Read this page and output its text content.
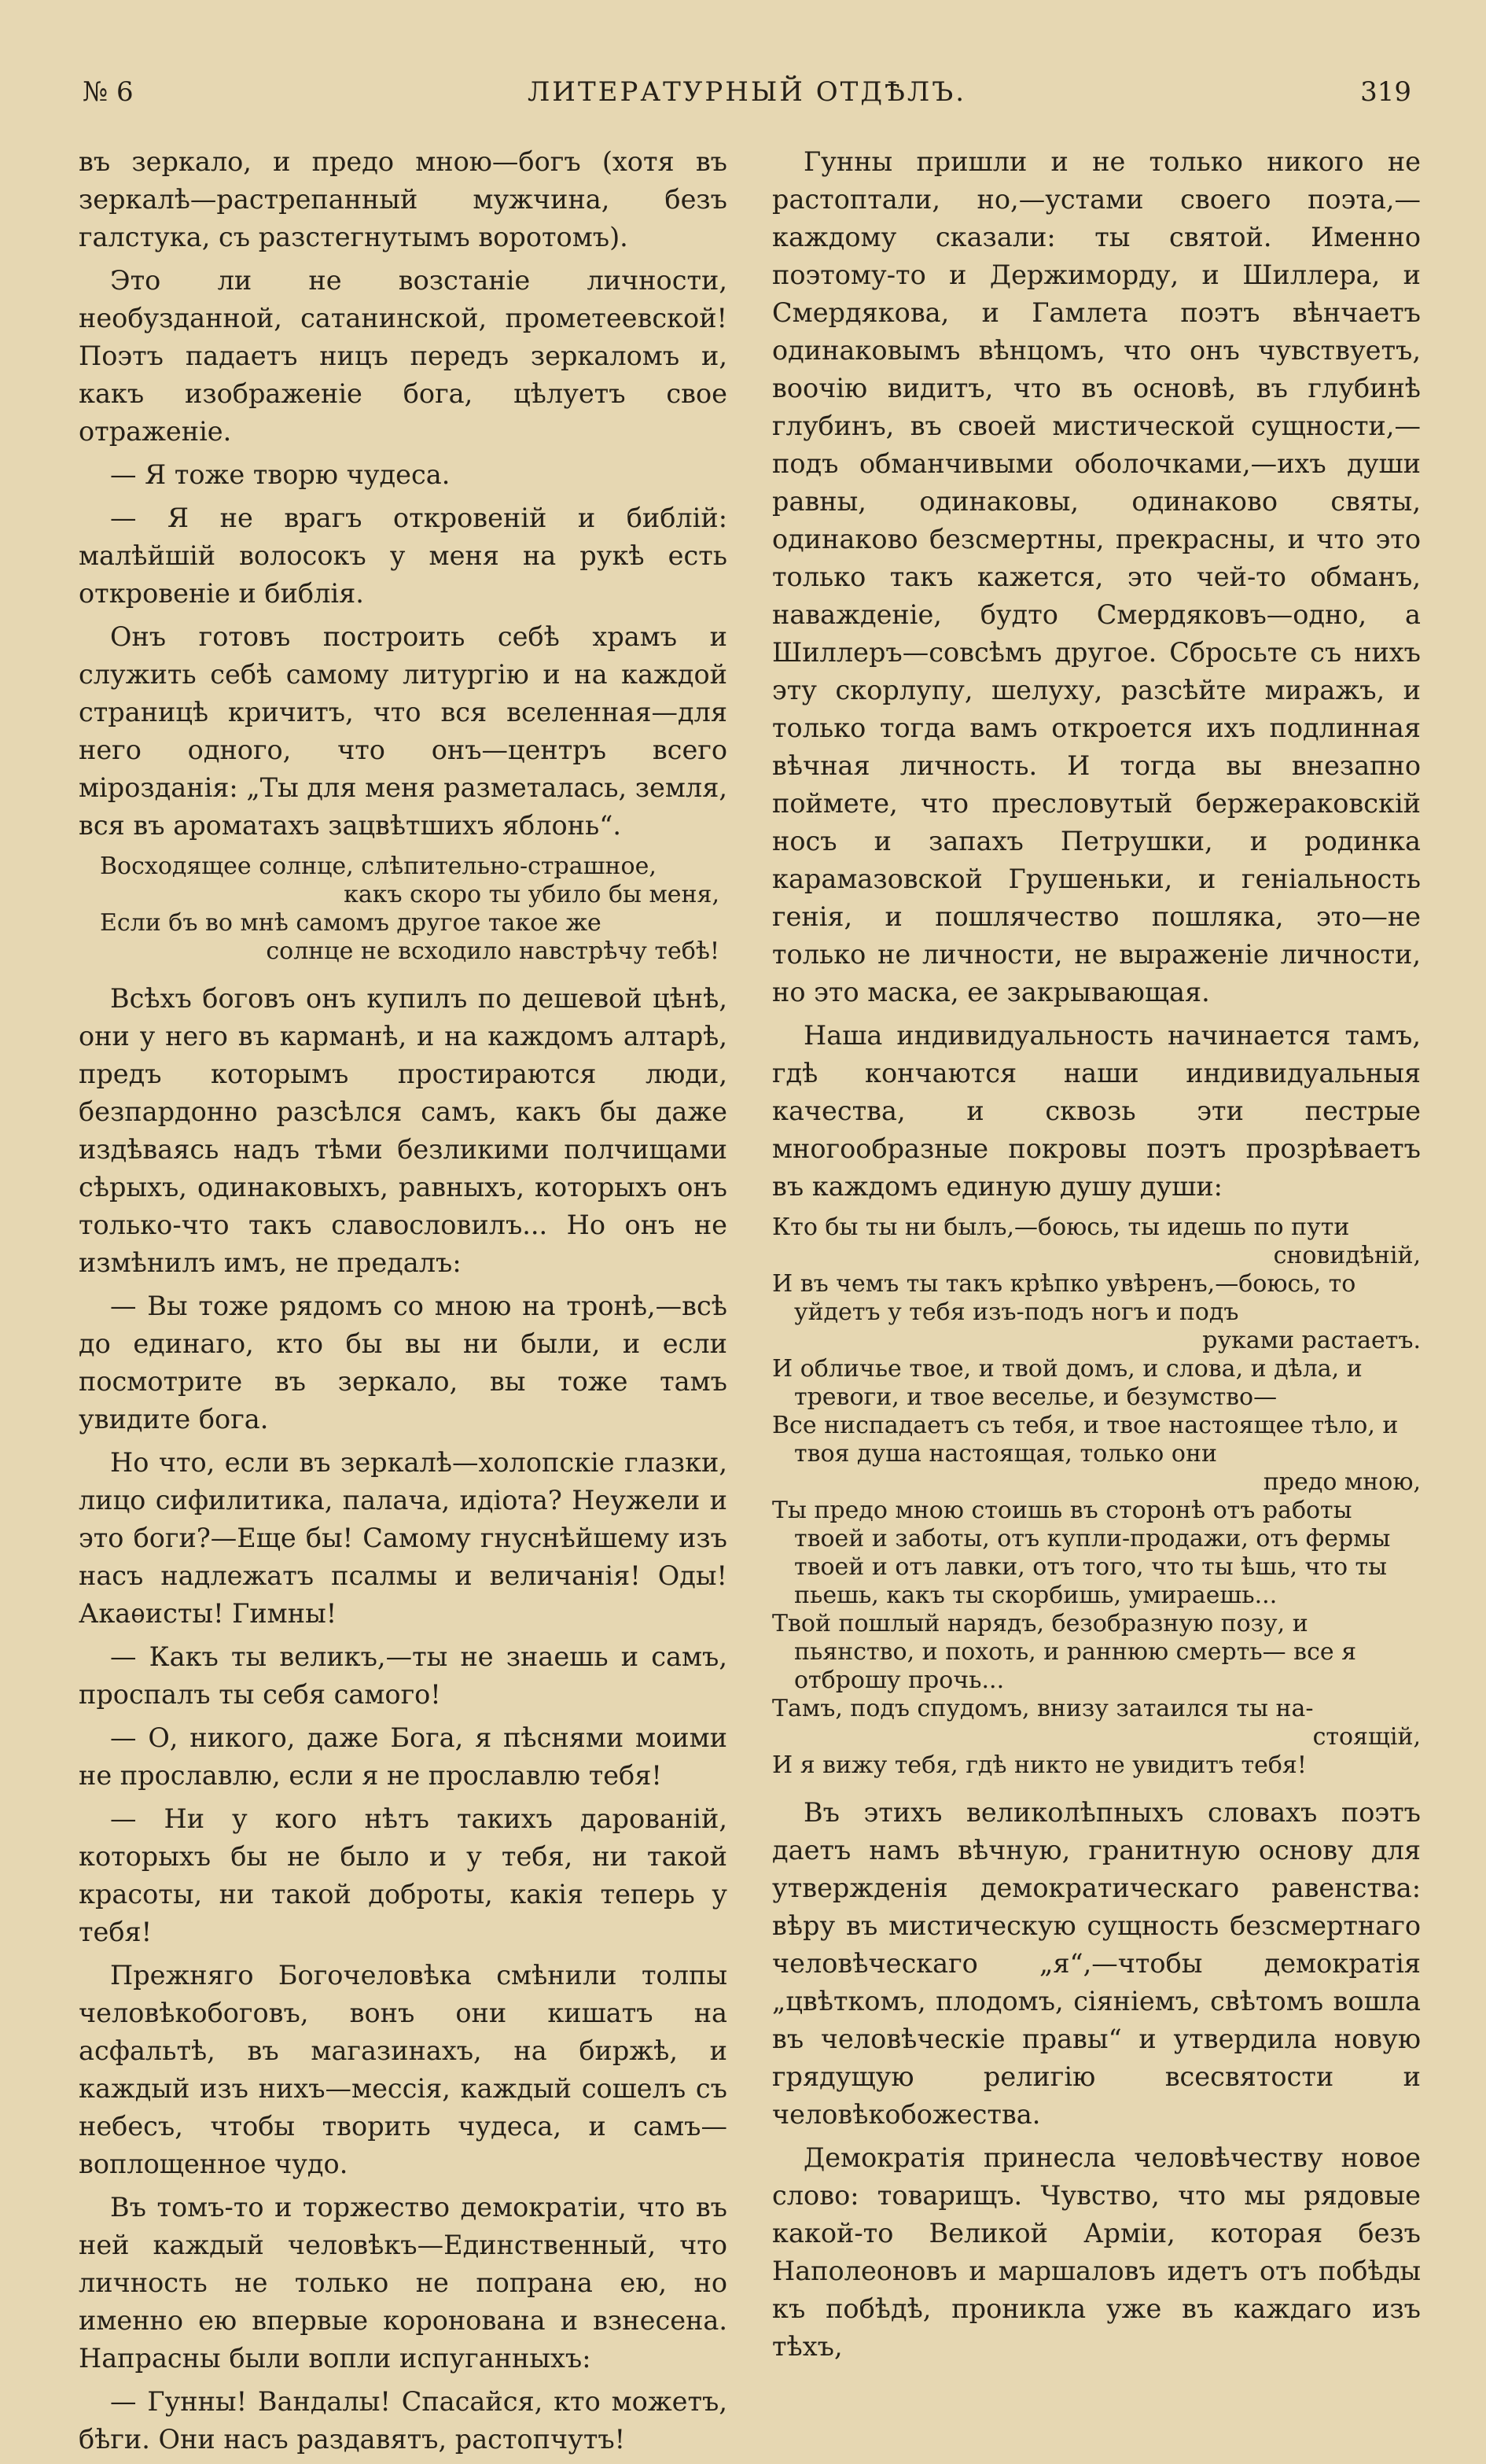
№ 6	ЛИТЕРАТУРНЫЙ ОТДѢЛЪ.	319

въ зеркало, и предо мною—богъ (хотя въ зеркалѣ—растрепанный мужчина, безъ галстука, съ разстегнутымъ воротомъ).

Это ли не возстаніе личности, необузданной, сатанинской, прометеевской! Поэтъ падаетъ ницъ передъ зеркаломъ и, какъ изображеніе бога, цѣлуетъ свое отраженіе.

— Я тоже творю чудеса.

— Я не врагъ откровеній и библій: малѣйшій волосокъ у меня на рукѣ есть откровеніе и библія.

Онъ готовъ построить себѣ храмъ и служить себѣ самому литургію и на каждой страницѣ кричитъ, что вся вселенная—для него одного, что онъ—центръ всего мірозданія: „Ты для меня разметалась, земля, вся въ ароматахъ зацвѣтшихъ яблонь“.

Восходящее солнце, слѣпительно-страшное,
какъ скоро ты убило бы меня,
Если бъ во мнѣ самомъ другое такое же
солнце не всходило навстрѣчу тебѣ!

Всѣхъ боговъ онъ купилъ по дешевой цѣнѣ, они у него въ карманѣ, и на каждомъ алтарѣ, предъ которымъ простираются люди, безпардонно разсѣлся самъ, какъ бы даже издѣваясь надъ тѣми безликими полчищами сѣрыхъ, одинаковыхъ, равныхъ, которыхъ онъ только-что такъ славословилъ... Но онъ не измѣнилъ имъ, не предалъ:

— Вы тоже рядомъ со мною на тронѣ,—всѣ до единаго, кто бы вы ни были, и если посмотрите въ зеркало, вы тоже тамъ увидите бога.

Но что, если въ зеркалѣ—холопскіе глазки, лицо сифилитика, палача, идіота? Неужели и это боги?—Еще бы! Самому гнуснѣйшему изъ насъ надлежатъ псалмы и величанія! Оды! Акаѳисты! Гимны!

— Какъ ты великъ,—ты не знаешь и самъ, проспалъ ты себя самого!

— О, никого, даже Бога, я пѣснями моими не прославлю, если я не прославлю тебя!

— Ни у кого нѣтъ такихъ дарованій, которыхъ бы не было и у тебя, ни такой красоты, ни такой доброты, какія теперь у тебя!

Прежняго Богочеловѣка смѣнили толпы человѣкобоговъ, вонъ они кишатъ на асфальтѣ, въ магазинахъ, на биржѣ, и каждый изъ нихъ—мессія, каждый сошелъ съ небесъ, чтобы творить чудеса, и самъ—воплощенное чудо.

Въ томъ-то и торжество демократіи, что въ ней каждый человѣкъ—Единственный, что личность не только не попрана ею, но именно ею впервые коронована и взнесена. Напрасны были вопли испуганныхъ:

— Гунны! Вандалы! Спасайся, кто можетъ, бѣги. Они насъ раздавятъ, растопчутъ!

Гунны пришли и не только никого не растоптали, но,—устами своего поэта,—каждому сказали: ты святой. Именно поэтому-то и Держиморду, и Шиллера, и Смердякова, и Гамлета поэтъ вѣнчаетъ одинаковымъ вѣнцомъ, что онъ чувствуетъ, воочію видитъ, что въ основѣ, въ глубинѣ глубинъ, въ своей мистической сущности,—подъ обманчивыми оболочками,—ихъ души равны, одинаковы, одинаково святы, одинаково безсмертны, прекрасны, и что это только такъ кажется, это чей-то обманъ, наважденіе, будто Смердяковъ—одно, а Шиллеръ—совсѣмъ другое. Сбросьте съ нихъ эту скорлупу, шелуху, разсѣйте миражъ, и только тогда вамъ откроется ихъ подлинная вѣчная личность. И тогда вы внезапно поймете, что пресловутый бержераковскій носъ и запахъ Петрушки, и родинка карамазовской Грушеньки, и геніальность генія, и пошлячество пошляка, это—не только не личности, не выраженіе личности, но это маска, ее закрывающая.

Наша индивидуальность начинается тамъ, гдѣ кончаются наши индивидуальныя качества, и сквозь эти пестрые многообразные покровы поэтъ прозрѣваетъ въ каждомъ единую душу души:

Кто бы ты ни былъ,—боюсь, ты идешь по пути
сновидѣній,
И въ чемъ ты такъ крѣпко увѣренъ,—боюсь, то уйдетъ у тебя изъ-подъ ногъ и подъ
руками растаетъ.
И обличье твое, и твой домъ, и слова, и дѣла, и тревоги, и твое веселье, и безумство—
Все ниспадаетъ съ тебя, и твое настоящее тѣло, и твоя душа настоящая, только они
предо мною,
Ты предо мною стоишь въ сторонѣ отъ работы твоей и заботы, отъ купли-продажи, отъ фермы твоей и отъ лавки, отъ того, что ты ѣшь, что ты пьешь, какъ ты скорбишь, умираешь...
Твой пошлый нарядъ, безобразную позу, и пьянство, и похоть, и раннюю смерть— все я отброшу прочь...
Тамъ, подъ спудомъ, внизу затаился ты на-
стоящій,
И я вижу тебя, гдѣ никто не увидитъ тебя!

Въ этихъ великолѣпныхъ словахъ поэтъ даетъ намъ вѣчную, гранитную основу для утвержденія демократическаго равенства: вѣру въ мистическую сущность безсмертнаго человѣческаго „я“,—чтобы демократія „цвѣткомъ, плодомъ, сіяніемъ, свѣтомъ вошла въ человѣческіе правы“ и утвердила новую грядущую религію всесвятости и человѣкобожества.

Демократія принесла человѣчеству новое слово: товарищъ. Чувство, что мы рядовые какой-то Великой Арміи, которая безъ Наполеоновъ и маршаловъ идетъ отъ побѣды къ побѣдѣ, проникла уже въ каждаго изъ тѣхъ,
